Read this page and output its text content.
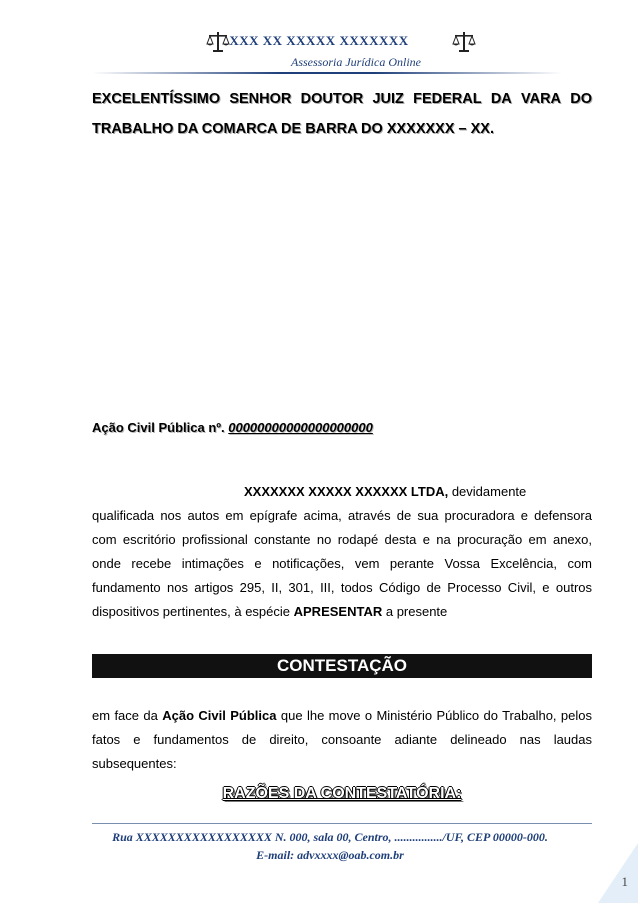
XXX XX XXXXX XXXXXXX
Assessoria Jurídica Online
EXCELENTÍSSIMO SENHOR DOUTOR JUIZ FEDERAL DA VARA DO
TRABALHO DA COMARCA DE BARRA DO XXXXXXX – XX.
Ação Civil Pública nº. 00000000000000000000
XXXXXXX XXXXX XXXXXX LTDA, devidamente
qualificada nos autos em epígrafe acima, através de sua procuradora e defensora com escritório profissional constante no rodapé desta e na procuração em anexo, onde recebe intimações e notificações, vem perante Vossa Excelência, com fundamento nos artigos 295, II, 301, III, todos Código de Processo Civil, e outros dispositivos pertinentes, à espécie APRESENTAR a presente
CONTESTAÇÃO
em face da Ação Civil Pública que lhe move o Ministério Público do Trabalho, pelos fatos e fundamentos de direito, consoante adiante delineado nas laudas subsequentes:
RAZÕES DA CONTESTATÓRIA:
Rua XXXXXXXXXXXXXXXXX N. 000, sala 00, Centro, ................/UF, CEP 00000-000.
E-mail: advxxxx@oab.com.br
1
